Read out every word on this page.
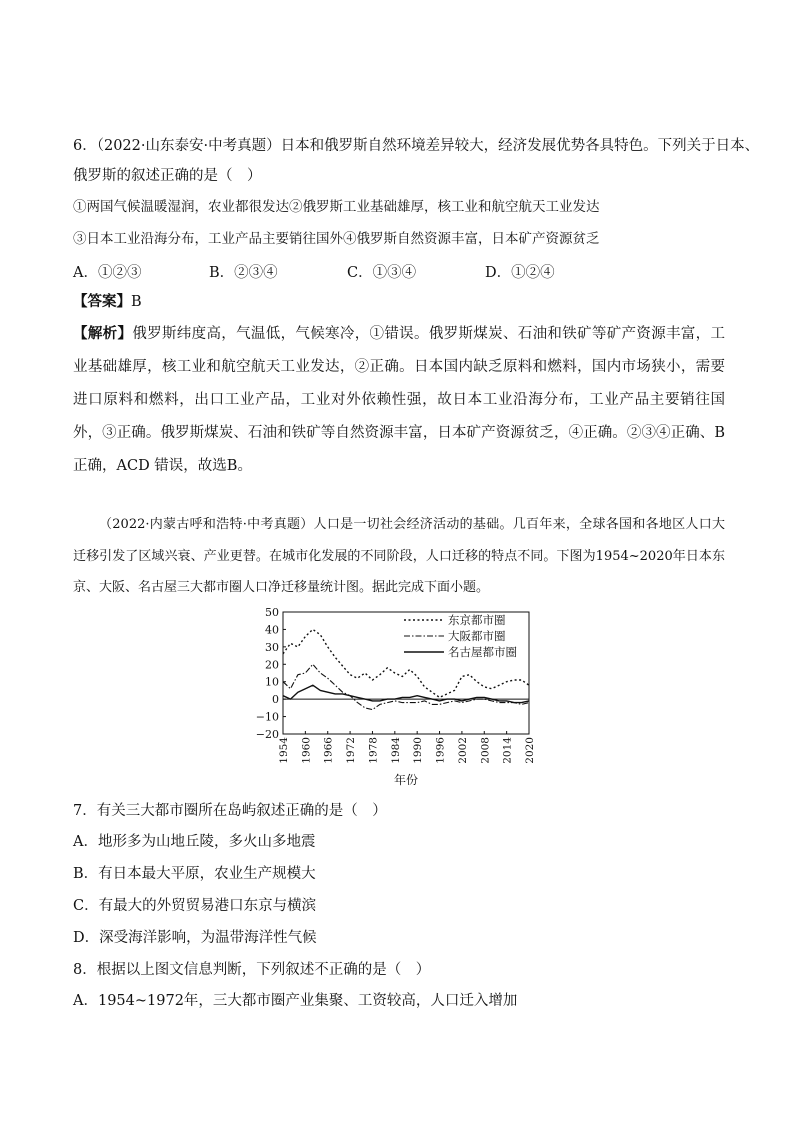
6．（2022·山东泰安·中考真题）日本和俄罗斯自然环境差异较大，经济发展优势各具特色。下列关于日本、
俄罗斯的叙述正确的是（　）
①两国气候温暖湿润，农业都很发达②俄罗斯工业基础雄厚，核工业和航空航天工业发达
③日本工业沿海分布，工业产品主要销往国外④俄罗斯自然资源丰富，日本矿产资源贫乏
A．①②③	B．②③④	C．①③④	D．①②④
【答案】B
【解析】俄罗斯纬度高，气温低，气候寒冷，①错误。俄罗斯煤炭、石油和铁矿等矿产资源丰富，工业基础雄厚，核工业和航空航天工业发达，②正确。日本国内缺乏原料和燃料，国内市场狭小，需要进口原料和燃料，出口工业产品，工业对外依赖性强，故日本工业沿海分布，工业产品主要销往国外，③正确。俄罗斯煤炭、石油和铁矿等自然资源丰富，日本矿产资源贫乏，④正确。②③④正确、B 正确，ACD 错误，故选B。
（2022·内蒙古呼和浩特·中考真题）人口是一切社会经济活动的基础。几百年来，全球各国和各地区人口大迁移引发了区域兴衰、产业更替。在城市化发展的不同阶段，人口迁移的特点不同。下图为1954~2020年日本东京、大阪、名古屋三大都市圈人口净迁移量统计图。据此完成下面小题。
50
40
30
20
10
0
−10
−20
1954 1960 1966 1972 1978 1984 1990 1996 2002 2008 2014 2020
年份
东京都市圈
大阪都市圈
名古屋都市圈
7．有关三大都市圈所在岛屿叙述正确的是（　）
A．地形多为山地丘陵，多火山多地震
B．有日本最大平原，农业生产规模大
C．有最大的外贸贸易港口东京与横滨
D．深受海洋影响，为温带海洋性气候
8．根据以上图文信息判断，下列叙述不正确的是（　）
A．1954~1972年，三大都市圈产业集聚、工资较高，人口迁入增加
